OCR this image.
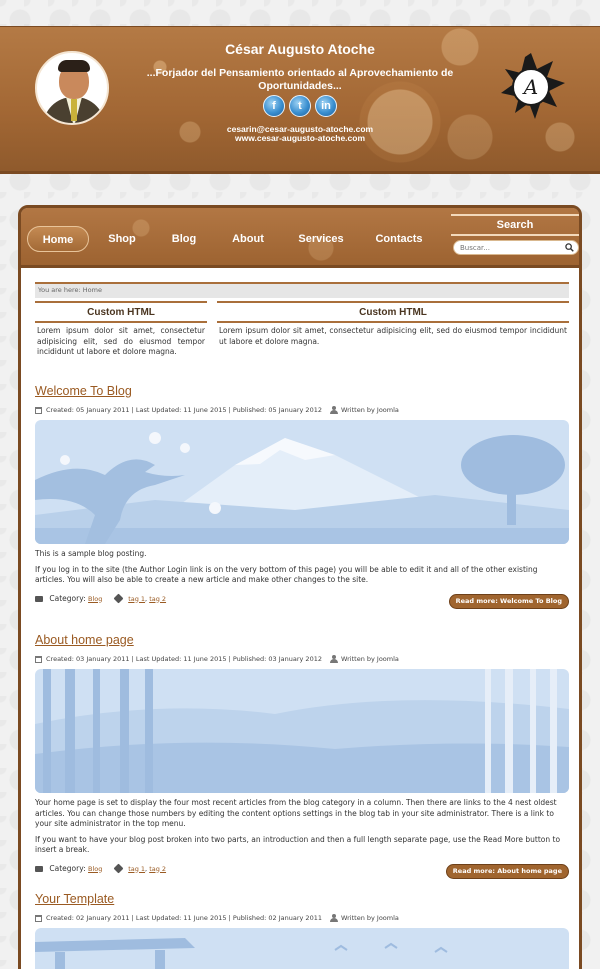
César Augusto Atoche
...Forjador del Pensamiento orientado al Aprovechamiento de Oportunidades...
f	t	in
cesarin@cesar-augusto-atoche.com
www.cesar-augusto-atoche.com
A
Home	Shop	Blog	About	Services	Contacts
Search
Buscar...
You are here: Home
Custom HTML
Lorem ipsum dolor sit amet, consectetur adipisicing elit, sed do eiusmod tempor incididunt ut labore et dolore magna.
Custom HTML
Lorem ipsum dolor sit amet, consectetur adipisicing elit, sed do eiusmod tempor incididunt ut labore et dolore magna.
Welcome To Blog
Created: 05 January 2011 | Last Updated: 11 June 2015 | Published: 05 January 2012	Written by Joomla
This is a sample blog posting.
If you log in to the site (the Author Login link is on the very bottom of this page) you will be able to edit it and all of the other existing articles. You will also be able to create a new article and make other changes to the site.
Category: Blog	tag 1, tag 2	Read more: Welcome To Blog
About home page
Created: 03 January 2011 | Last Updated: 11 June 2015 | Published: 03 January 2012	Written by Joomla
Your home page is set to display the four most recent articles from the blog category in a column. Then there are links to the 4 nest oldest articles. You can change those numbers by editing the content options settings in the blog tab in your site administrator. There is a link to your site administrator in the top menu.
If you want to have your blog post broken into two parts, an introduction and then a full length separate page, use the Read More button to insert a break.
Category: Blog	tag 1, tag 2	Read more: About home page
Your Template
Created: 02 January 2011 | Last Updated: 11 June 2015 | Published: 02 January 2011	Written by Joomla
